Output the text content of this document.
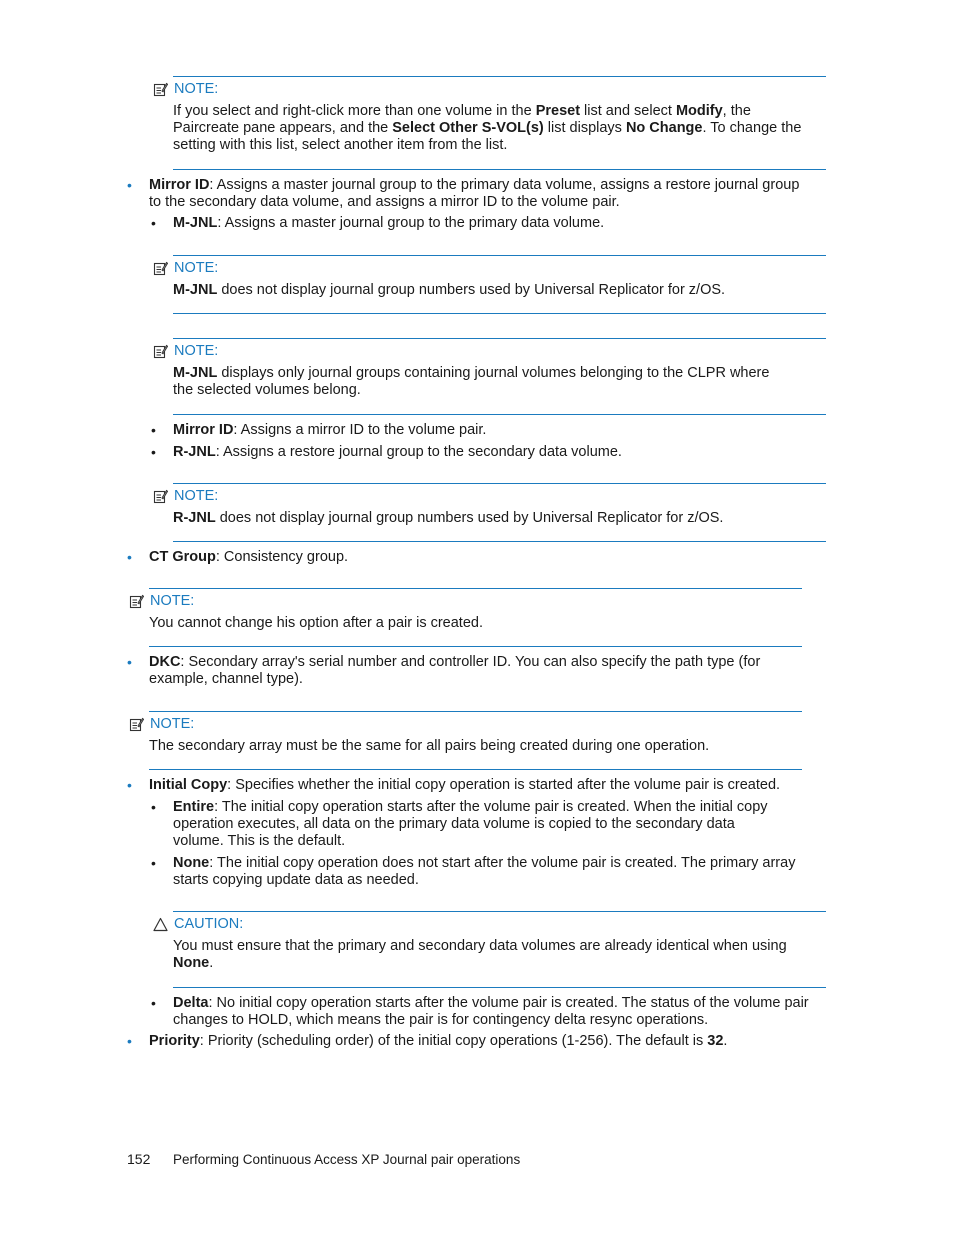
NOTE:

If you select and right-click more than one volume in the Preset list and select Modify, the Paircreate pane appears, and the Select Other S-VOL(s) list displays No Change. To change the setting with this list, select another item from the list.

• Mirror ID: Assigns a master journal group to the primary data volume, assigns a restore journal group to the secondary data volume, and assigns a mirror ID to the volume pair.

• M-JNL: Assigns a master journal group to the primary data volume.

NOTE:

M-JNL does not display journal group numbers used by Universal Replicator for z/OS.

NOTE:

M-JNL displays only journal groups containing journal volumes belonging to the CLPR where the selected volumes belong.

• Mirror ID: Assigns a mirror ID to the volume pair.

• R-JNL: Assigns a restore journal group to the secondary data volume.

NOTE:

R-JNL does not display journal group numbers used by Universal Replicator for z/OS.

• CT Group: Consistency group.

NOTE:

You cannot change his option after a pair is created.

• DKC: Secondary array's serial number and controller ID. You can also specify the path type (for example, channel type).

NOTE:

The secondary array must be the same for all pairs being created during one operation.

• Initial Copy: Specifies whether the initial copy operation is started after the volume pair is created.

• Entire: The initial copy operation starts after the volume pair is created. When the initial copy operation executes, all data on the primary data volume is copied to the secondary data volume. This is the default.

• None: The initial copy operation does not start after the volume pair is created. The primary array starts copying update data as needed.

CAUTION:

You must ensure that the primary and secondary data volumes are already identical when using None.

• Delta: No initial copy operation starts after the volume pair is created. The status of the volume pair changes to HOLD, which means the pair is for contingency delta resync operations.

• Priority: Priority (scheduling order) of the initial copy operations (1-256). The default is 32.

152 Performing Continuous Access XP Journal pair operations
